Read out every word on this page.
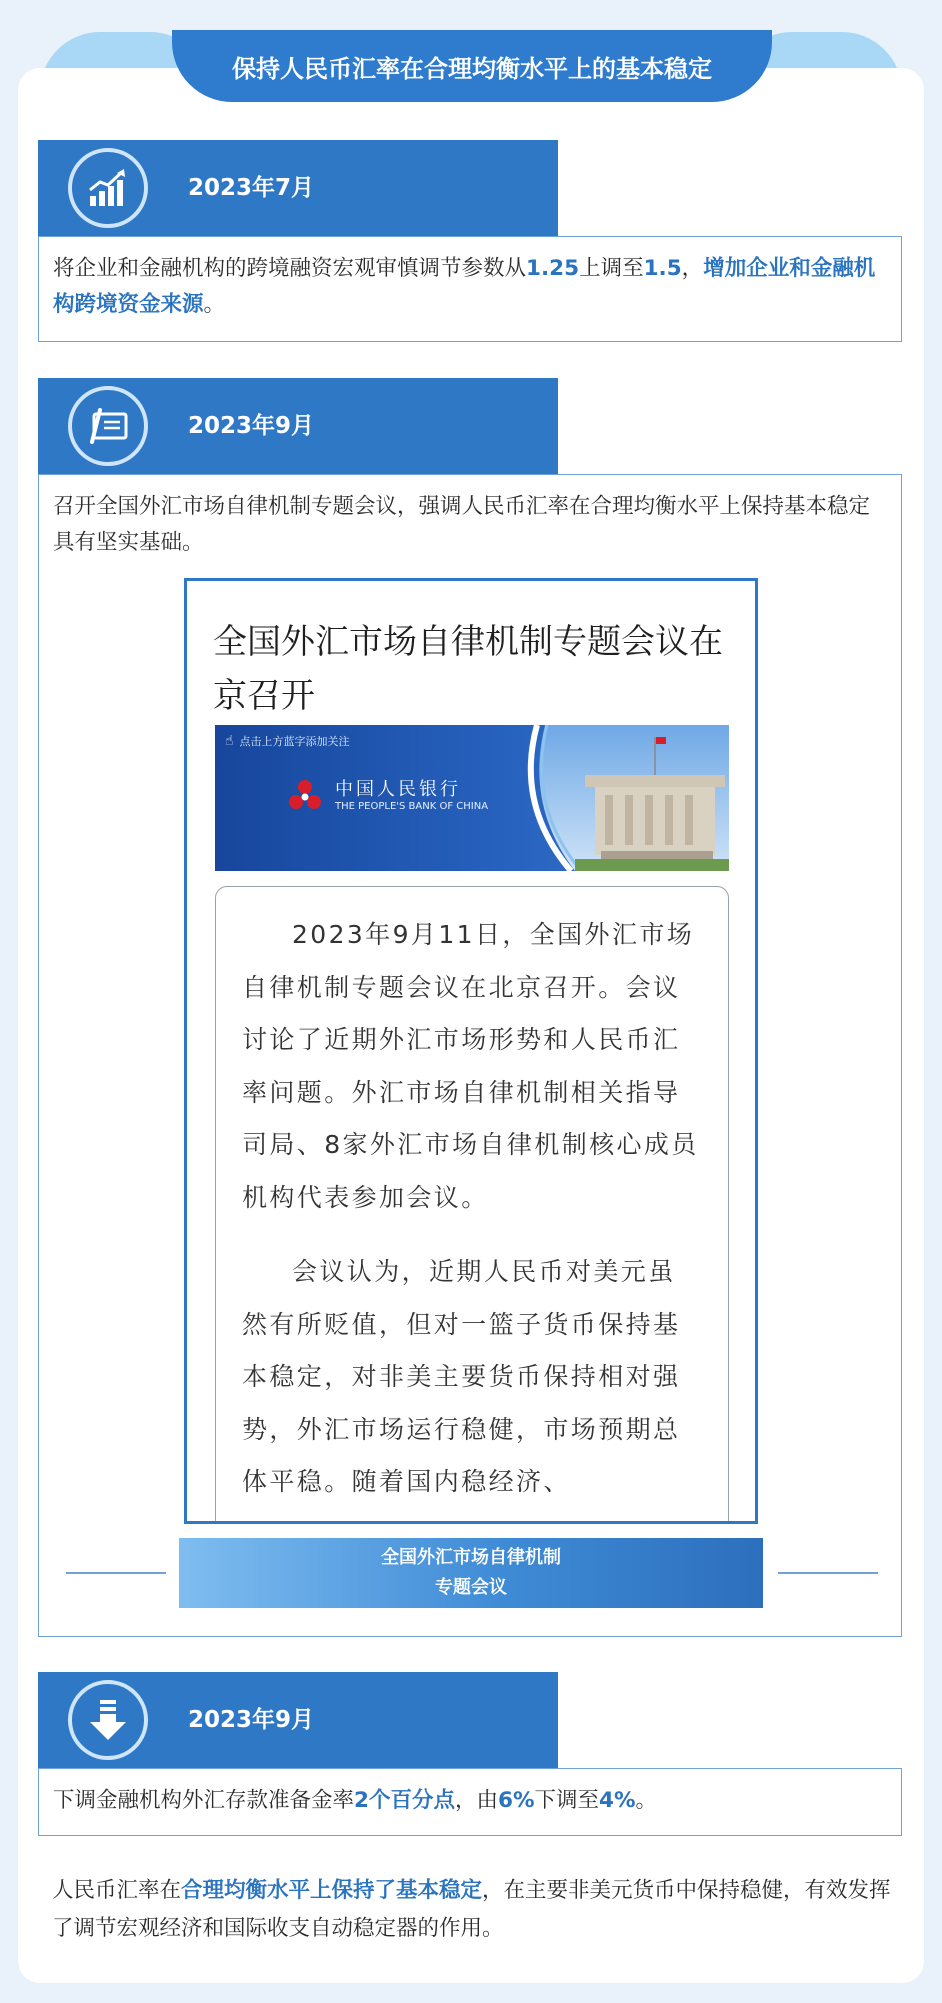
保持人民币汇率在合理均衡水平上的基本稳定
2023年7月
将企业和金融机构的跨境融资宏观审慎调节参数从1.25上调至1.5，增加企业和金融机构跨境资金来源。
2023年9月
召开全国外汇市场自律机制专题会议，强调人民币汇率在合理均衡水平上保持基本稳定具有坚实基础。
全国外汇市场自律机制专题会议在京召开
☝ 点击上方蓝字添加关注
中国人民银行
THE PEOPLE'S BANK OF CHINA

2023年9月11日，全国外汇市场自律机制专题会议在北京召开。会议讨论了近期外汇市场形势和人民币汇率问题。外汇市场自律机制相关指导司局、8家外汇市场自律机制核心成员机构代表参加会议。

会议认为，近期人民币对美元虽然有所贬值，但对一篮子货币保持基本稳定，对非美主要货币保持相对强势，外汇市场运行稳健，市场预期总体平稳。随着国内稳经济、

全国外汇市场自律机制
专题会议
2023年9月
下调金融机构外汇存款准备金率2个百分点，由6%下调至4%。
人民币汇率在合理均衡水平上保持了基本稳定，在主要非美元货币中保持稳健，有效发挥了调节宏观经济和国际收支自动稳定器的作用。
